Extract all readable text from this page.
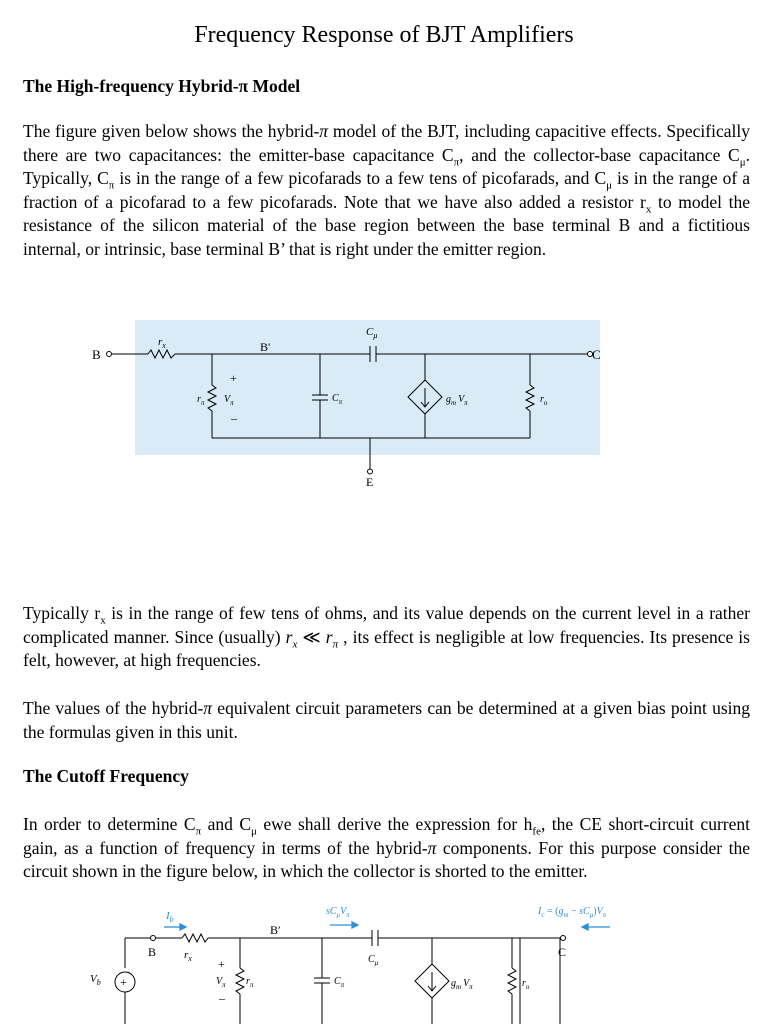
Frequency Response of BJT Amplifiers
The High-frequency Hybrid-π Model

The figure given below shows the hybrid-π model of the BJT, including capacitive effects. Specifically there are two capacitances: the emitter-base capacitance $C_\pi$, and the collector-base capacitance $C_\mu$. Typically, $C_\pi$ is in the range of a few picofarads to a few tens of picofarads, and $C_\mu$ is in the range of a fraction of a picofarad to a few picofarads. Note that we have also added a resistor $r_x$ to model the resistance of the silicon material of the base region between the base terminal B and a fictitious internal, or intrinsic, base terminal B’ that is right under the emitter region.

B	C
E
B′
$r_x$
$C_\mu$
$r_\pi$
+
$V_\pi$
–
$C_\pi$	$g_m$ $V_\pi$	$r_o$

Typically $r_x$ is in the range of few tens of ohms, and its value depends on the current level in a rather complicated manner. Since (usually) $r_x$ ≪ $r_\pi$ , its effect is negligible at low frequencies. Its presence is felt, however, at high frequencies.

The values of the hybrid-π equivalent circuit parameters can be determined at a given bias point using the formulas given in this unit.

The Cutoff Frequency

In order to determine $C_\pi$ and $C_\mu$ ewe shall derive the expression for $h_{fe}$, the CE short-circuit current gain, as a function of frequency in terms of the hybrid-π components. For this purpose consider the circuit shown in the figure below, in which the collector is shorted to the emitter.

$I_b$
$V_b$ +
B	$r_x$
B′
+
$V_\pi$
–
$r_\pi$
$sC_\mu V_\pi$
$C_\mu$
$C_\pi$	$g_m$ $V_\pi$	$r_o$
C
$I_c = (g_m - sC_\mu)V_\pi$
